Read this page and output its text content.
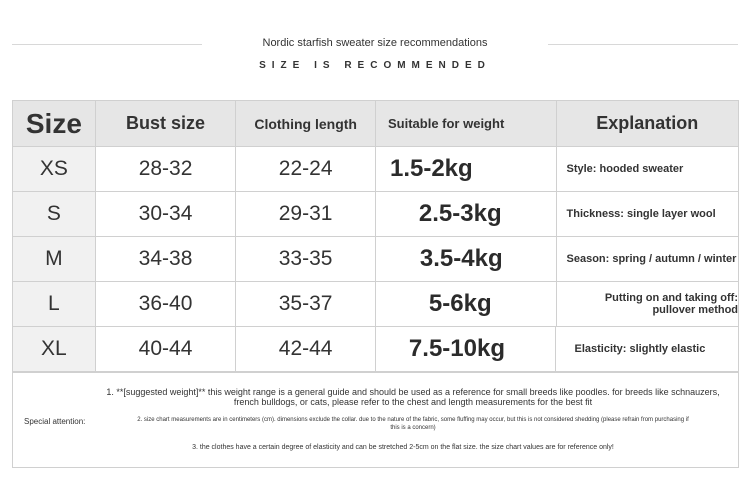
Nordic starfish sweater size recommendations
SIZE IS RECOMMENDED
Size	Bust size	Clothing length	Suitable for weight	Explanation
XS	28-32	22-24	1.5-2kg	Style: hooded sweater
S	30-34	29-31	2.5-3kg	Thickness: single layer wool
M	34-38	33-35	3.5-4kg	Season: spring / autumn / winter
L	36-40	35-37	5-6kg	Putting on and taking off: pullover method
XL	40-44	42-44	7.5-10kg	Elasticity: slightly elastic
1. **[suggested weight]** this weight range is a general guide and should be used as a reference for small breeds like poodles. for breeds like schnauzers, french bulldogs, or cats, please refer to the chest and length measurements for the best fit
Special attention:	2. size chart measurements are in centimeters (cm). dimensions exclude the collar. due to the nature of the fabric, some fluffing may occur, but this is not considered shedding (please refrain from purchasing if this is a concern)
3. the clothes have a certain degree of elasticity and can be stretched 2-5cm on the flat size. the size chart values are for reference only!
